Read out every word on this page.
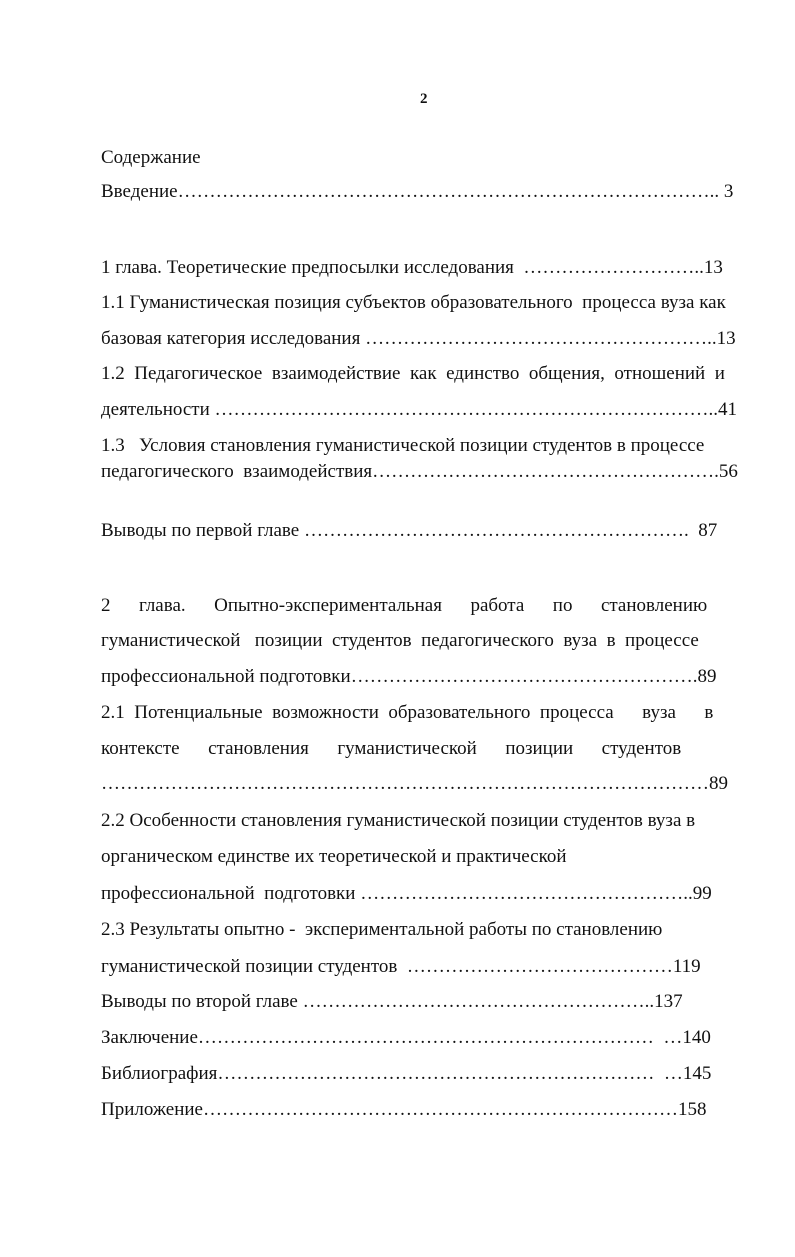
2
Содержание
Введение………………………………………………………………………….. 3
1 глава. Теоретические предпосылки исследования  ………………………..13
1.1 Гуманистическая позиция субъектов образовательного  процесса вуза как
базовая категория исследования ………………………………………………..13
1.2  Педагогическое  взаимодействие  как  единство  общения,  отношений  и
деятельности ……………………………………………………………………..41
1.3   Условия становления гуманистической позиции студентов в процессе
педагогического  взаимодействия……………………………………………….56
Выводы по первой главе …………………………………………………….  87
2      глава.      Опытно-экспериментальная      работа      по      становлению
гуманистической   позиции  студентов  педагогического  вуза  в  процессе
профессиональной подготовки……………………………………………….89
2.1  Потенциальные  возможности  образовательного  процесса      вуза      в
контексте      становления      гуманистической      позиции      студентов
……………………………………………………………………………………89
2.2 Особенности становления гуманистической позиции студентов вуза в
органическом единстве их теоретической и практической
профессиональной  подготовки ……………………………………………..99
2.3 Результаты опытно -  экспериментальной работы по становлению
гуманистической позиции студентов  ……………………………………119
Выводы по второй главе ………………………………………………..137
Заключение………………………………………………………………  …140
Библиография……………………………………………………………  …145
Приложение…………………………………………………………………158
